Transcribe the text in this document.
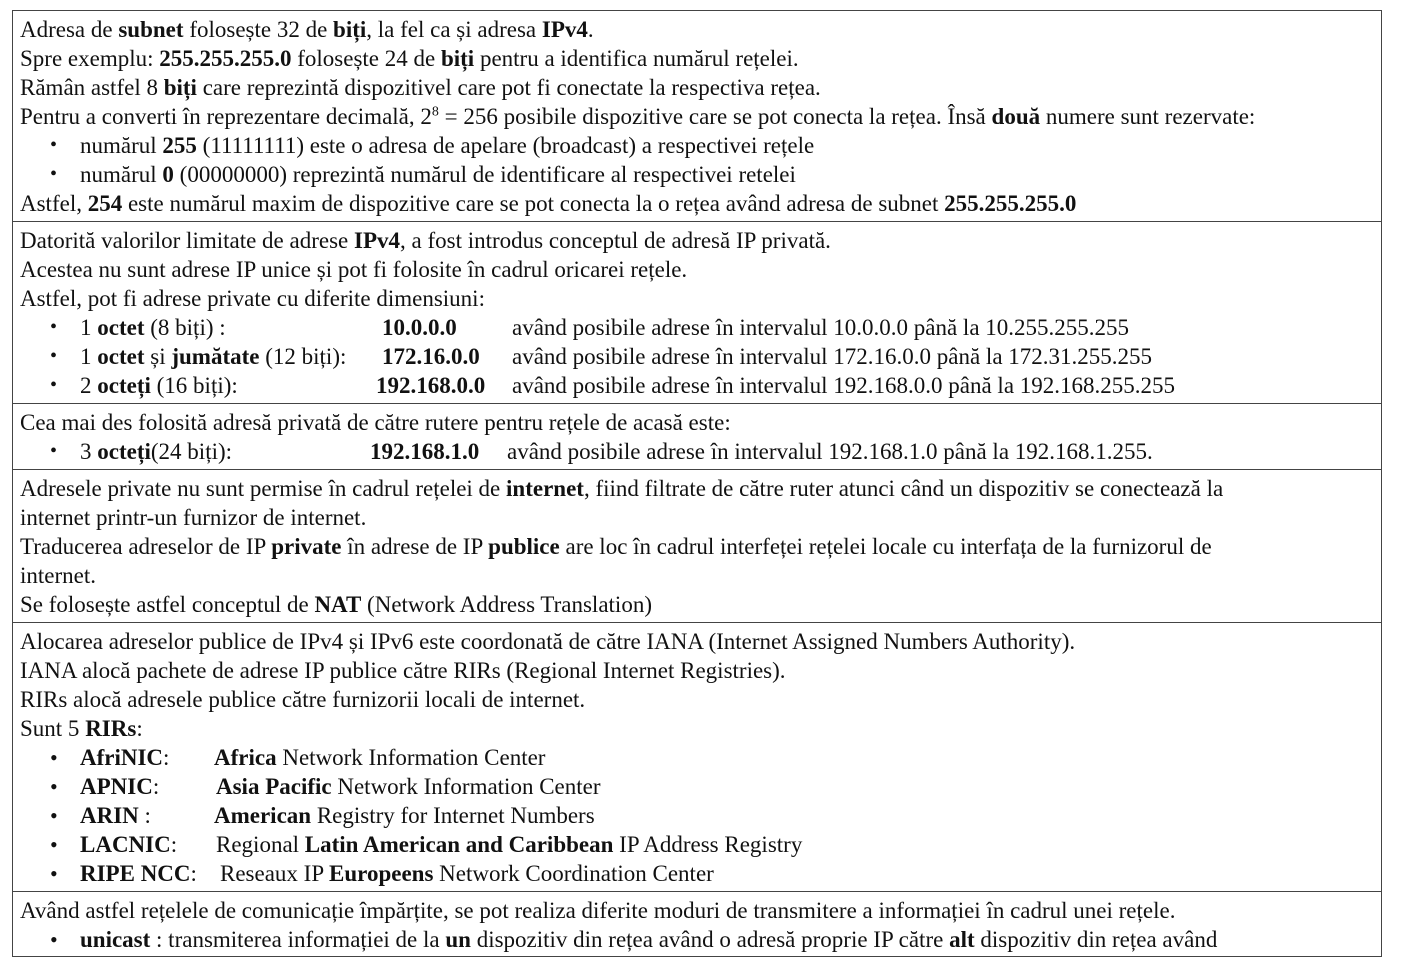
Adresa de subnet folosește 32 de biți, la fel ca și adresa IPv4.
Spre exemplu: 255.255.255.0 folosește 24 de biți pentru a identifica numărul rețelei.
Rămân astfel 8 biți care reprezintă dispozitivel care pot fi conectate la respectiva rețea.
Pentru a converti în reprezentare decimală, $2^8 = 256$ posibile dispozitive care se pot conecta la rețea. Însă două numere sunt rezervate:
• numărul 255 (11111111) este o adresa de apelare (broadcast) a respectivei rețele
• numărul 0 (00000000) reprezintă numărul de identificare al respectivei retelei
Astfel, 254 este numărul maxim de dispozitive care se pot conecta la o rețea având adresa de subnet 255.255.255.0
Datorită valorilor limitate de adrese IPv4, a fost introdus conceptul de adresă IP privată.
Acestea nu sunt adrese IP unice și pot fi folosite în cadrul oricarei rețele.
Astfel, pot fi adrese private cu diferite dimensiuni:
• 1 octet (8 biți) :	10.0.0.0 având posibile adrese în intervalul 10.0.0.0 până la 10.255.255.255
• 1 octet și jumătate (12 biți): 172.16.0.0 având posibile adrese în intervalul 172.16.0.0 până la 172.31.255.255
• 2 octeți (16 biți):	192.168.0.0 având posibile adrese în intervalul 192.168.0.0 până la 192.168.255.255
Cea mai des folosită adresă privată de către rutere pentru rețele de acasă este:
• 3 octeți(24 biți):	192.168.1.0 având posibile adrese în intervalul 192.168.1.0 până la 192.168.1.255.
Adresele private nu sunt permise în cadrul rețelei de internet, fiind filtrate de către ruter atunci când un dispozitiv se conectează la
internet printr-un furnizor de internet.
Traducerea adreselor de IP private în adrese de IP publice are loc în cadrul interfeței rețelei locale cu interfața de la furnizorul de
internet.
Se folosește astfel conceptul de NAT (Network Address Translation)
Alocarea adreselor publice de IPv4 și IPv6 este coordonată de către IANA (Internet Assigned Numbers Authority).
IANA alocă pachete de adrese IP publice către RIRs (Regional Internet Registries).
RIRs alocă adresele publice către furnizorii locali de internet.
Sunt 5 RIRs:
• AfriNIC: Africa Network Information Center
• APNIC: Asia Pacific Network Information Center
• ARIN :	American Registry for Internet Numbers
• LACNIC: Regional Latin American and Caribbean IP Address Registry
• RIPE NCC: Reseaux IP Europeens Network Coordination Center
Având astfel rețelele de comunicație împărțite, se pot realiza diferite moduri de transmitere a informației în cadrul unei rețele.
• unicast : transmiterea informației de la un dispozitiv din rețea având o adresă proprie IP către alt dispozitiv din rețea având
